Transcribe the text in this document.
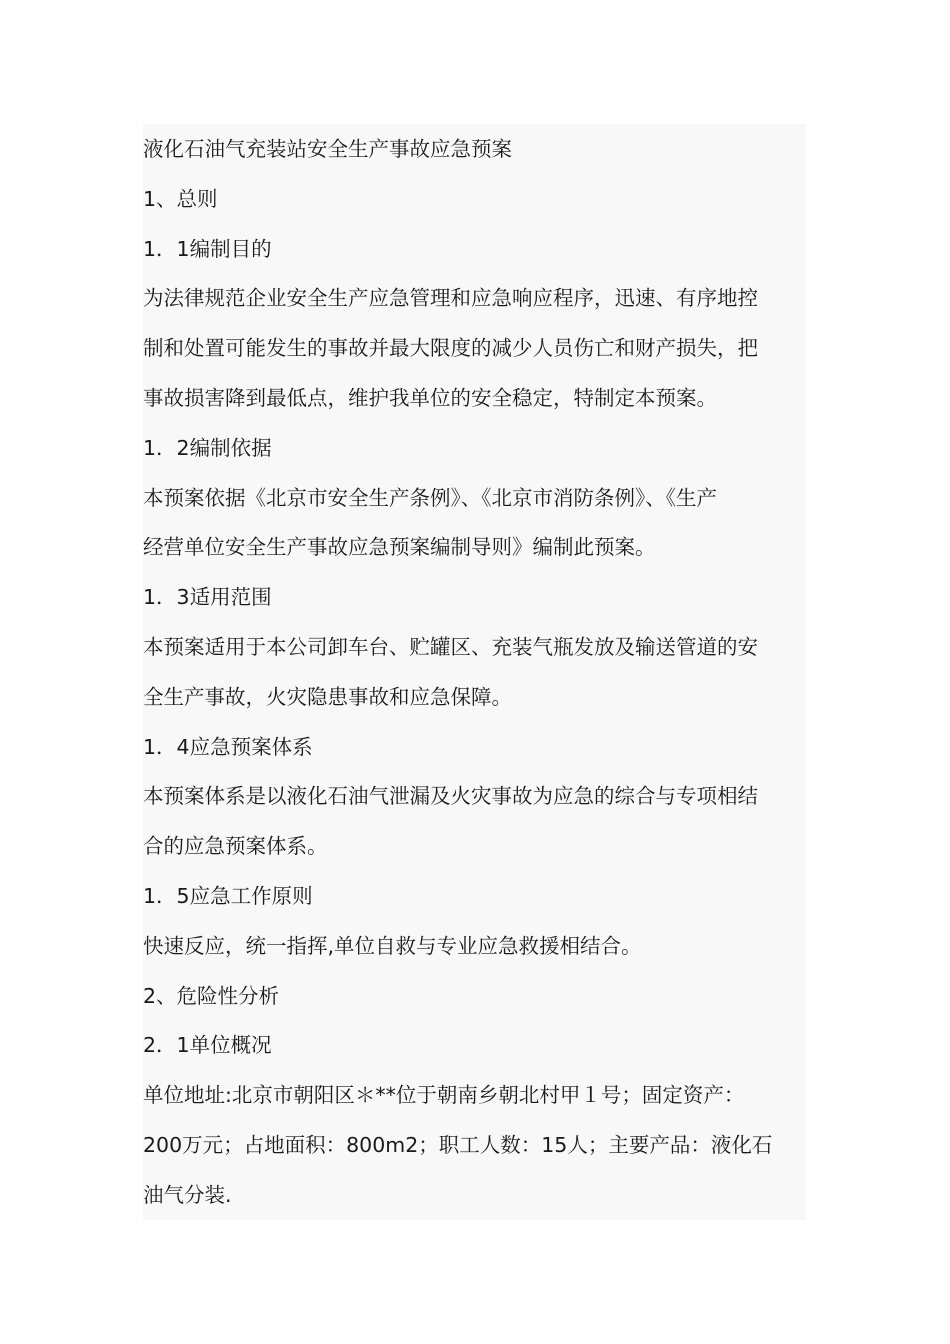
液化石油气充装站安全生产事故应急预案
1、总则
1．1编制目的
为法律规范企业安全生产应急管理和应急响应程序，迅速、有序地控
制和处置可能发生的事故并最大限度的减少人员伤亡和财产损失，把
事故损害降到最低点，维护我单位的安全稳定，特制定本预案。
1．2编制依据
本预案依据《北京市安全生产条例》、《北京市消防条例》、《生产
经营单位安全生产事故应急预案编制导则》编制此预案。
1．3适用范围
本预案适用于本公司卸车台、贮罐区、充装气瓶发放及输送管道的安
全生产事故，火灾隐患事故和应急保障。
1．4应急预案体系
本预案体系是以液化石油气泄漏及火灾事故为应急的综合与专项相结
合的应急预案体系。
1．5应急工作原则
快速反应，统一指挥,单位自救与专业应急救援相结合。
2、危险性分析
2．1单位概况
单位地址:北京市朝阳区＊**位于朝南乡朝北村甲１号；固定资产：
200万元；占地面积：800m2；职工人数：15人；主要产品：液化石
油气分装.
